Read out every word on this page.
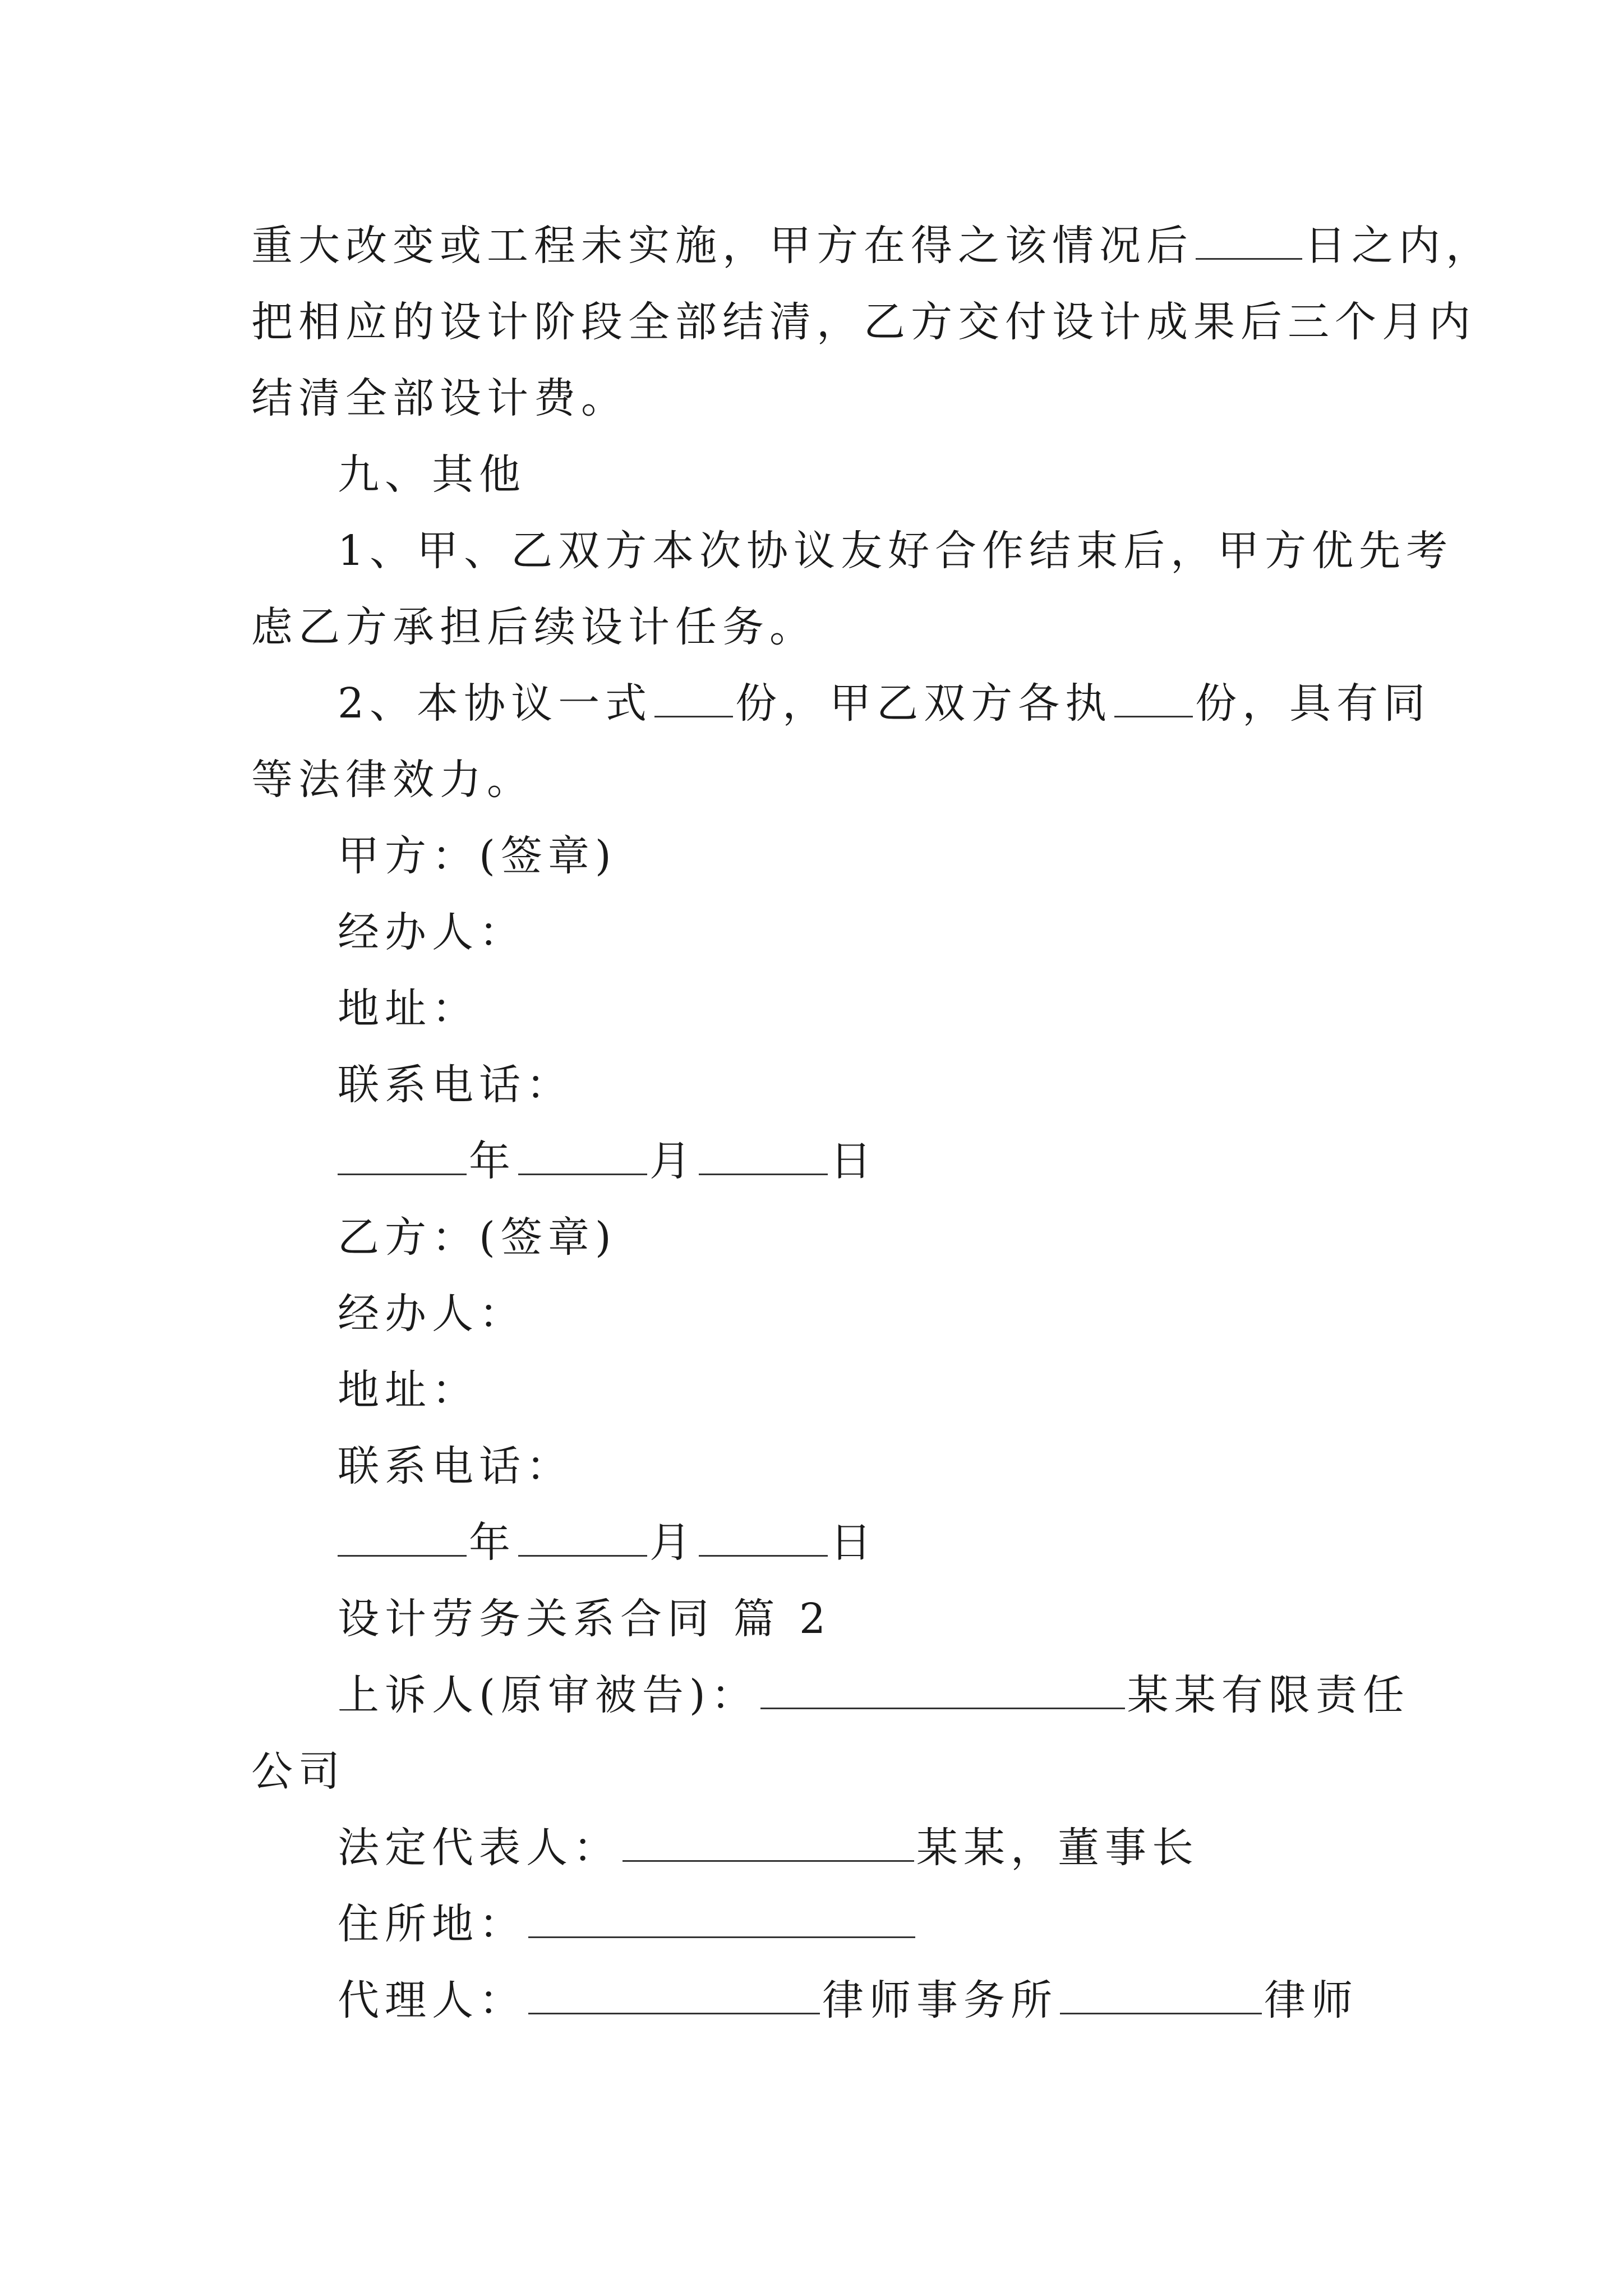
重大改变或工程未实施，甲方在得之该情况后	日之内，
把相应的设计阶段全部结清，乙方交付设计成果后三个月内
结清全部设计费。
九、其他
1、甲、乙双方本次协议友好合作结束后，甲方优先考
虑乙方承担后续设计任务。
2、本协议一式 份，甲乙双方各执 份，具有同
等法律效力。
甲方：(签章)
经办人：
地址：
联系电话：
年	月	日
乙方：(签章)
经办人：
地址：
联系电话：
年	月	日
设计劳务关系合同 篇 2
上诉人(原审被告)：	某某有限责任
公司
法定代表人：	某某，董事长
住所地：
代理人：	律师事务所	律师
